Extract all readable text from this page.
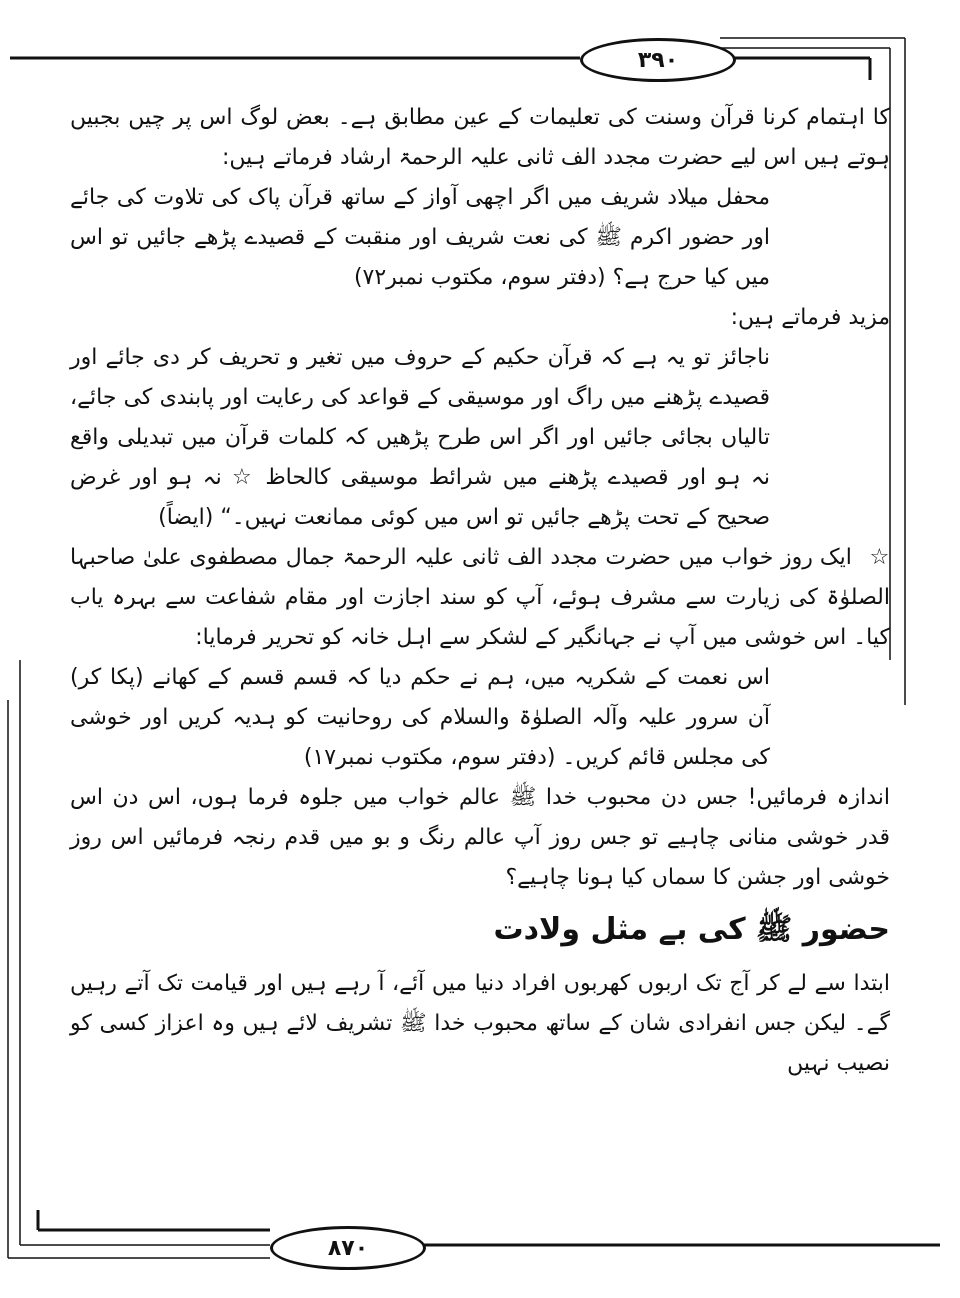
۳۹۰
۸۷۰

کا اہتمام کرنا قرآن وسنت کی تعلیمات کے عین مطابق ہے۔ بعض لوگ اس پر چیں بجبیں ہوتے ہیں اس لیے حضرت مجدد الف ثانی علیہ الرحمۃ ارشاد فرماتے ہیں:

محفل میلاد شریف میں اگر اچھی آواز کے ساتھ قرآن پاک کی تلاوت کی جائے اور حضور اکرم ﷺ کی نعت شریف اور منقبت کے قصیدے پڑھے جائیں تو اس میں کیا حرج ہے؟ (دفتر سوم، مکتوب نمبر۷۲)

مزید فرماتے ہیں:

ناجائز تو یہ ہے کہ قرآن حکیم کے حروف میں تغیر و تحریف کر دی جائے اور قصیدے پڑھنے میں راگ اور موسیقی کے قواعد کی رعایت اور پابندی کی جائے، تالیاں بجائی جائیں اور اگر اس طرح پڑھیں کہ کلمات قرآن میں تبدیلی واقع نہ ہو اور قصیدے پڑھنے میں شرائط موسیقی کالحاظ ☆ نہ ہو اور غرض صحیح کے تحت پڑھے جائیں تو اس میں کوئی ممانعت نہیں۔“ (ایضاً)

☆ ایک روز خواب میں حضرت مجدد الف ثانی علیہ الرحمۃ جمال مصطفوی علیٰ صاحبہا الصلوٰۃ کی زیارت سے مشرف ہوئے، آپ کو سند اجازت اور مقام شفاعت سے بہرہ یاب کیا۔ اس خوشی میں آپ نے جہانگیر کے لشکر سے اہل خانہ کو تحریر فرمایا:

اس نعمت کے شکریہ میں، ہم نے حکم دیا کہ قسم قسم کے کھانے (پکا کر) آن سرور علیہ وآلہ الصلوٰۃ والسلام کی روحانیت کو ہدیہ کریں اور خوشی کی مجلس قائم کریں۔ (دفتر سوم، مکتوب نمبر۱۷)

اندازہ فرمائیں! جس دن محبوب خدا ﷺ عالم خواب میں جلوہ فرما ہوں، اس دن اس قدر خوشی منانی چاہیے تو جس روز آپ عالم رنگ و بو میں قدم رنجہ فرمائیں اس روز خوشی اور جشن کا سماں کیا ہونا چاہیے؟

حضور ﷺ کی بے مثل ولادت

ابتدا سے لے کر آج تک اربوں کھربوں افراد دنیا میں آئے، آ رہے ہیں اور قیامت تک آتے رہیں گے۔ لیکن جس انفرادی شان کے ساتھ محبوب خدا ﷺ تشریف لائے ہیں وہ اعزاز کسی کو نصیب نہیں
